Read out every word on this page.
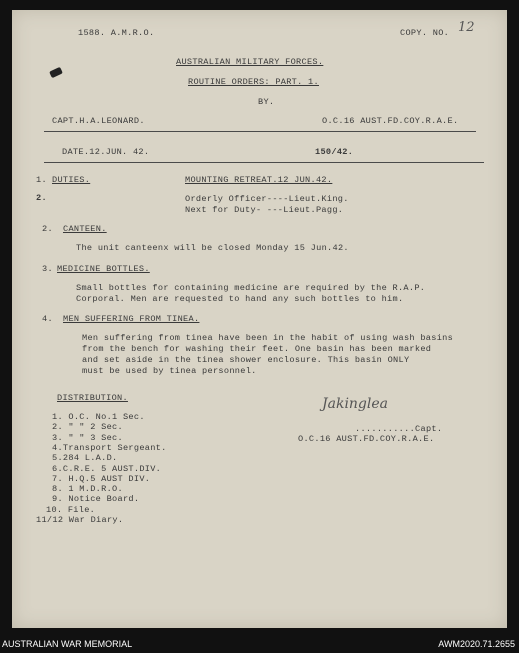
1588. A.M.R.O.	COPY. NO. 12
AUSTRALIAN MILITARY FORCES.
ROUTINE ORDERS: PART. 1.
BY.
CAPT.H.A.LEONARD.	O.C.16 AUST.FD.COY.R.A.E.
DATE.12.JUN. 42.	150/42.
1. DUTIES.	MOUNTING RETREAT.12 JUN.42.
2.	Orderly Officer----Lieut.King.
Next for Duty- ---Lieut.Pagg.
2. CANTEEN.
The unit canteenx will be closed Monday 15 Jun.42.
3. MEDICINE BOTTLES.
Small bottles for containing medicine are required by the R.A.P.
Corporal. Men are requested to hand any such bottles to him.
4. MEN SUFFERING FROM TINEA.
Men suffering from tinea have been in the habit of using wash basins
from the bench for washing their feet. One basin has been marked
and set aside in the tinea shower enclosure. This basin ONLY
must be used by tinea personnel.
DISTRIBUTION.
1. O.C. No.1 Sec.
2. " " 2 Sec.
3. " " 3 Sec.
4.Transport Sergeant.
5.284 L.A.D.
6.C.R.E. 5 AUST.DIV.
7. H.Q.5 AUST DIV.
8. 1 M.D.R.O.
9. Notice Board.
10. File.
11/12 War Diary.
Jakinglea
...........Capt.
O.C.16 AUST.FD.COY.R.A.E.
AUSTRALIAN WAR MEMORIAL	AWM2020.71.2655
